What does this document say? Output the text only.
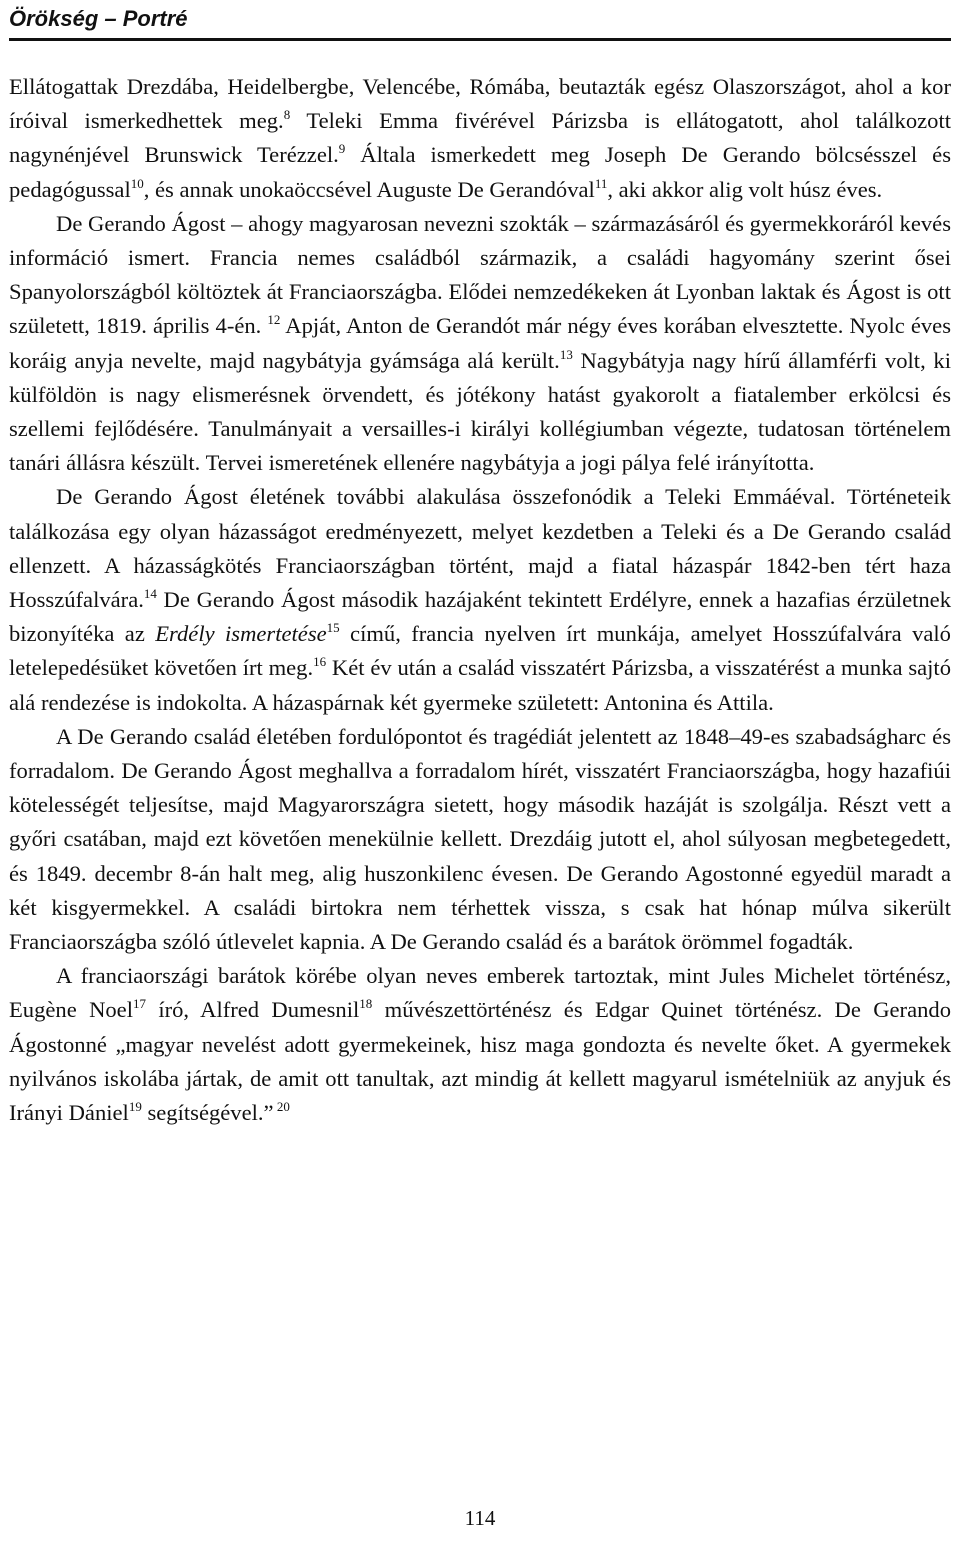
Örökség – Portré

Ellátogattak Drezdába, Heidelbergbe, Velencébe, Rómába, beutazták egész Olaszországot, ahol a kor íróival ismerkedhettek meg.$^8$ Teleki Emma fivérével Párizsba is ellátogatott, ahol találkozott nagynénjével Brunswick Terézzel.$^9$ Általa ismerkedett meg Joseph De Gerando bölcsésszel és pedagógussal$^{10}$, és annak unokaöccsével Auguste De Gerandóval$^{11}$, aki akkor alig volt húsz éves.

De Gerando Ágost – ahogy magyarosan nevezni szokták – származásáról és gyermekkoráról kevés információ ismert. Francia nemes családból származik, a családi hagyomány szerint ősei Spanyolországból költöztek át Franciaországba. Elődei nemzedékeken át Lyonban laktak és Ágost is ott született, 1819. április 4-én. $^{12}$ Apját, Anton de Gerandót már négy éves korában elvesztette. Nyolc éves koráig anyja nevelte, majd nagybátyja gyámsága alá került.$^{13}$ Nagybátyja nagy hírű államférfi volt, ki külföldön is nagy elismerésnek örvendett, és jótékony hatást gyakorolt a fiatalember erkölcsi és szellemi fejlődésére. Tanulmányait a versailles-i királyi kollégiumban végezte, tudatosan történelem tanári állásra készült. Tervei ismeretének ellenére nagybátyja a jogi pálya felé irányította.

De Gerando Ágost életének további alakulása összefonódik a Teleki Emmáéval. Történeteik találkozása egy olyan házasságot eredményezett, melyet kezdetben a Teleki és a De Gerando család ellenzett. A házasságkötés Franciaországban történt, majd a fiatal házaspár 1842-ben tért haza Hosszúfalvára.$^{14}$ De Gerando Ágost második hazájaként tekintett Erdélyre, ennek a hazafias érzületnek bizonyítéka az Erdély ismertetése$^{15}$ című, francia nyelven írt munkája, amelyet Hosszúfalvára való letelepedésüket követően írt meg.$^{16}$ Két év után a család visszatért Párizsba, a visszatérést a munka sajtó alá rendezése is indokolta. A házaspárnak két gyermeke született: Antonina és Attila.

A De Gerando család életében fordulópontot és tragédiát jelentett az 1848–49-es szabadságharc és forradalom. De Gerando Ágost meghallva a forradalom hírét, visszatért Franciaországba, hogy hazafiúi kötelességét teljesítse, majd Magyarországra sietett, hogy második hazáját is szolgálja. Részt vett a győri csatában, majd ezt követően menekülnie kellett. Drezdáig jutott el, ahol súlyosan megbetegedett, és 1849. decembr 8-án halt meg, alig huszonkilenc évesen. De Gerando Agostonné egyedül maradt a két kisgyermekkel. A családi birtokra nem térhettek vissza, s csak hat hónap múlva sikerült Franciaországba szóló útlevelet kapnia. A De Gerando család és a barátok örömmel fogadták.

A franciaországi barátok körébe olyan neves emberek tartoztak, mint Jules Michelet történész, Eugène Noel$^{17}$ író, Alfred Dumesnil$^{18}$ művészettörténész és Edgar Quinet történész. De Gerando Ágostonné „magyar nevelést adott gyermekeinek, hisz maga gondozta és nevelte őket. A gyermekek nyilvános iskolába jártak, de amit ott tanultak, azt mindig át kellett magyarul ismételniük az anyjuk és Irányi Dániel$^{19}$ segítségével.” $^{20}$

114
